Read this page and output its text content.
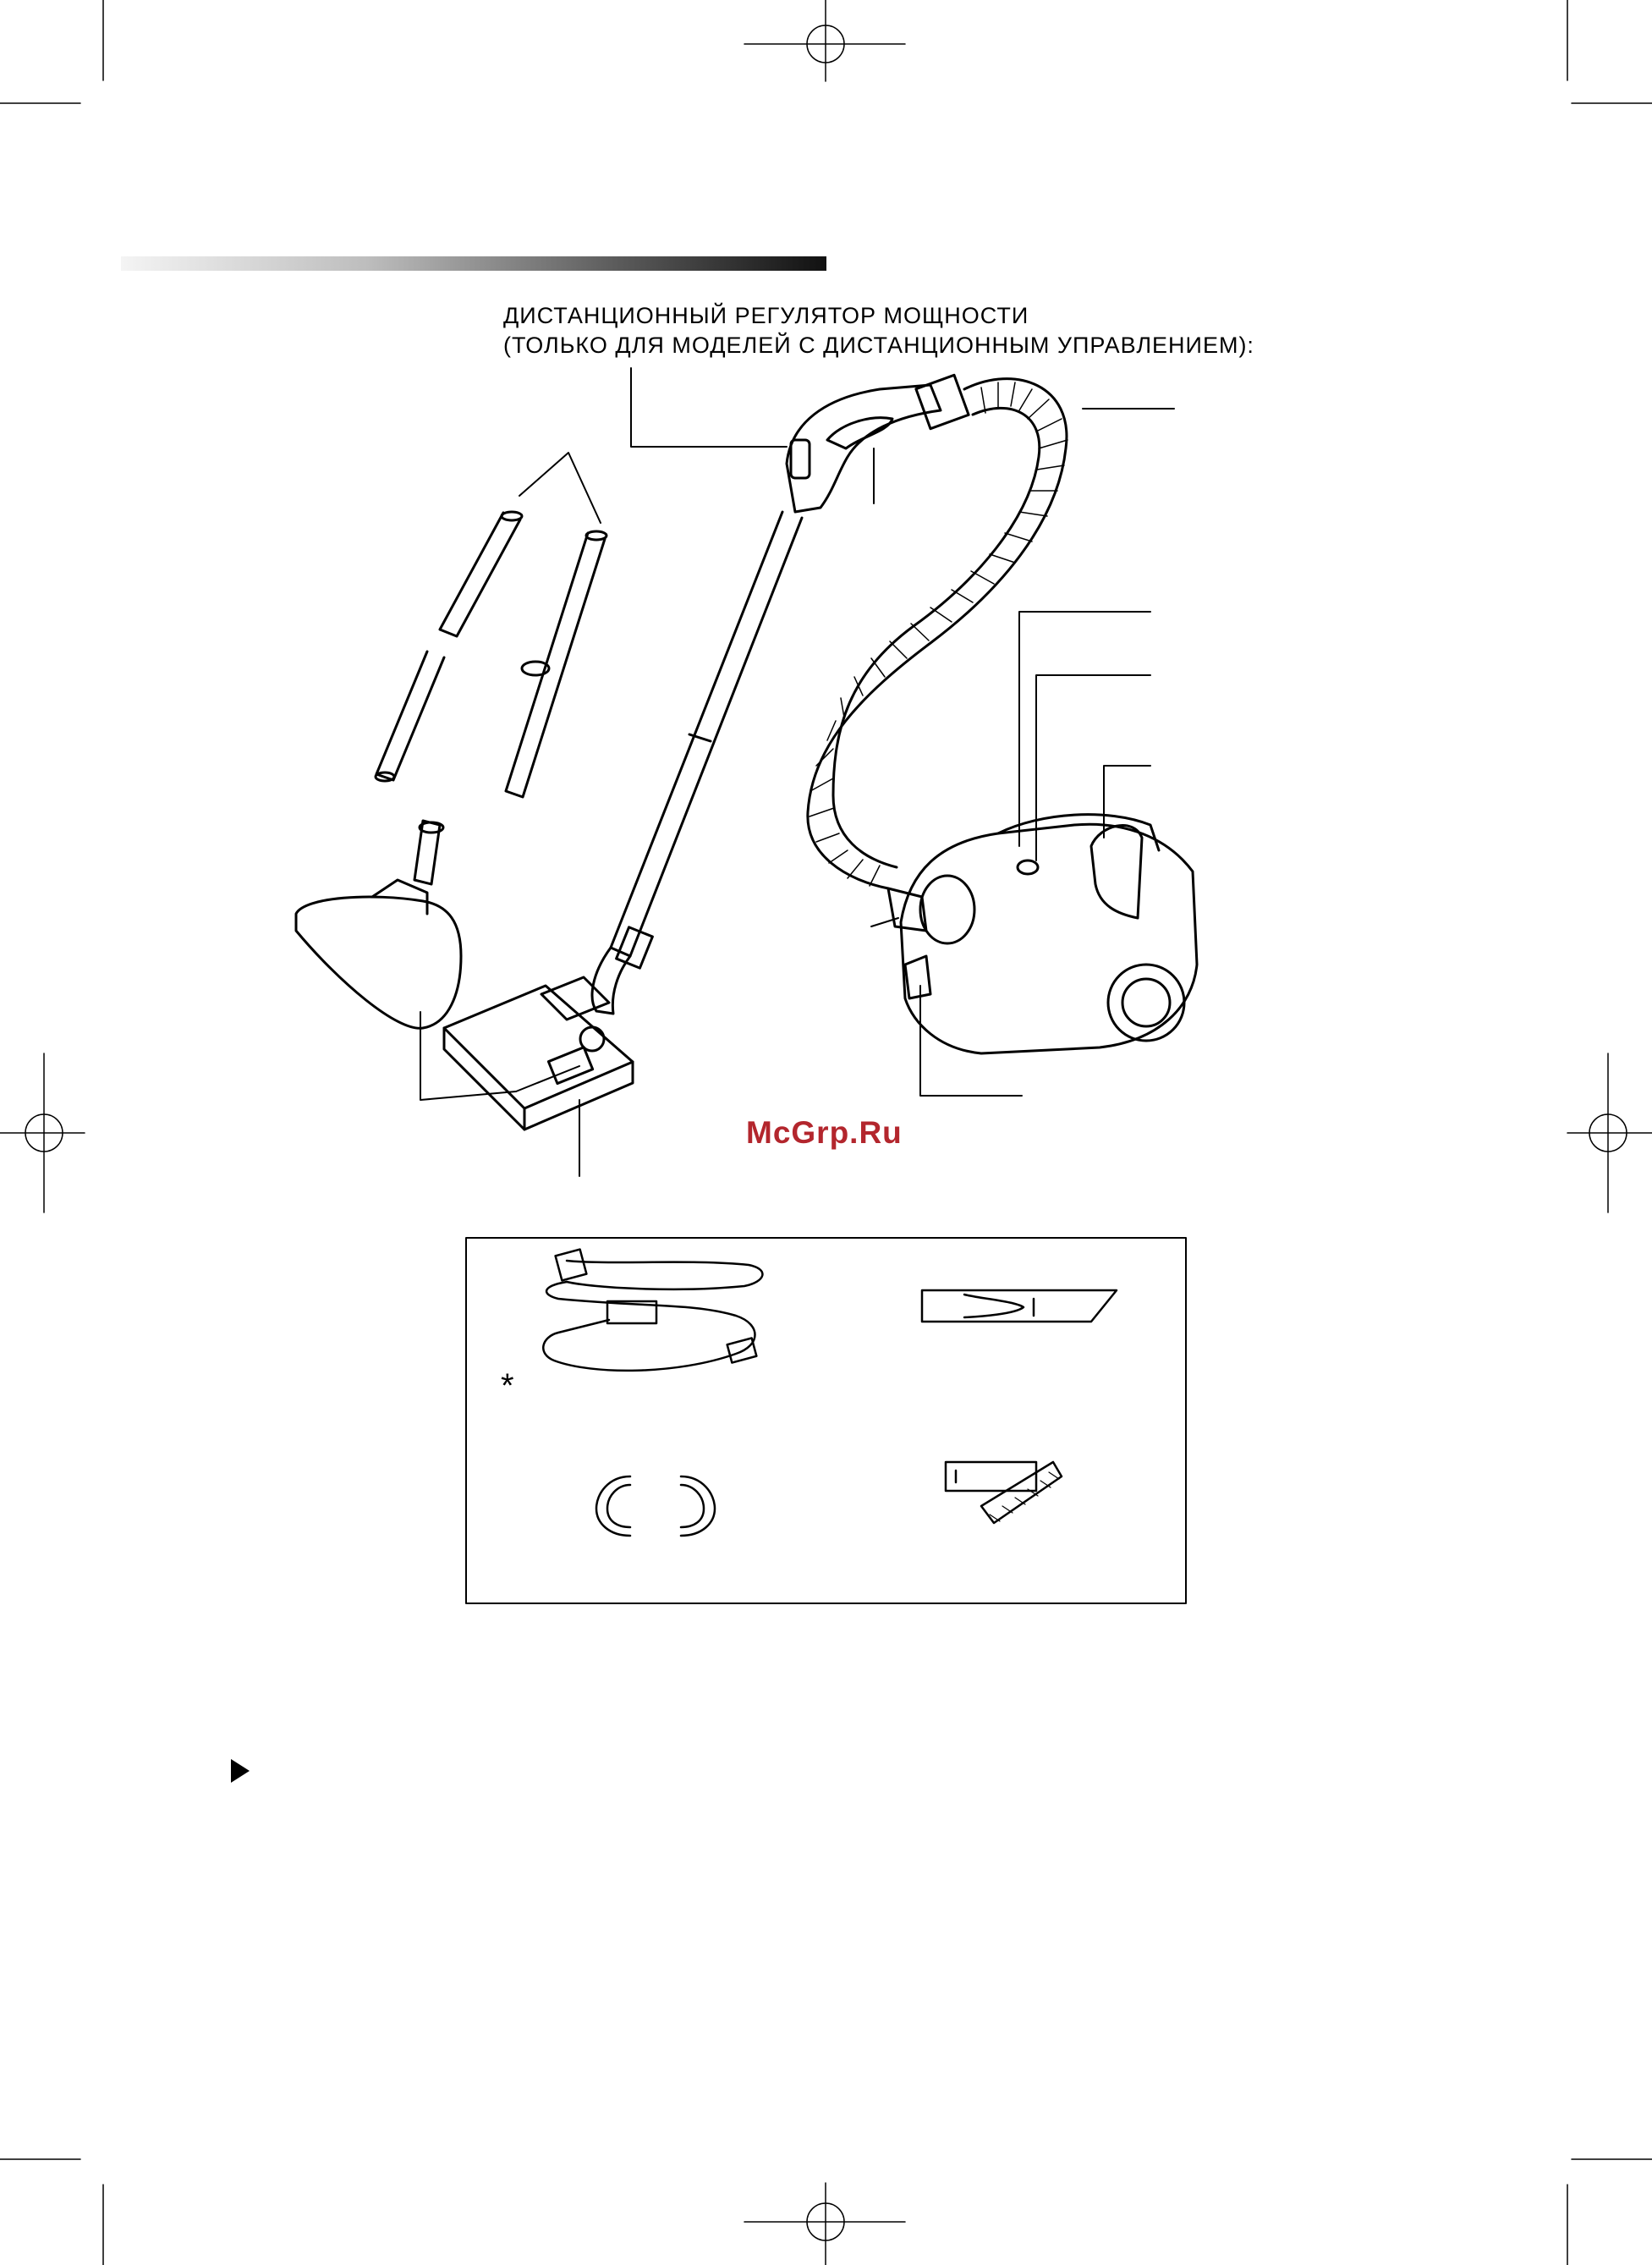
ДИСТАНЦИОННЫЙ РЕГУЛЯТОР МОЩНОСТИ
(ТОЛЬКО ДЛЯ МОДЕЛЕЙ С ДИСТАНЦИОННЫМ УПРАВЛЕНИЕМ):
McGrp.Ru
*
